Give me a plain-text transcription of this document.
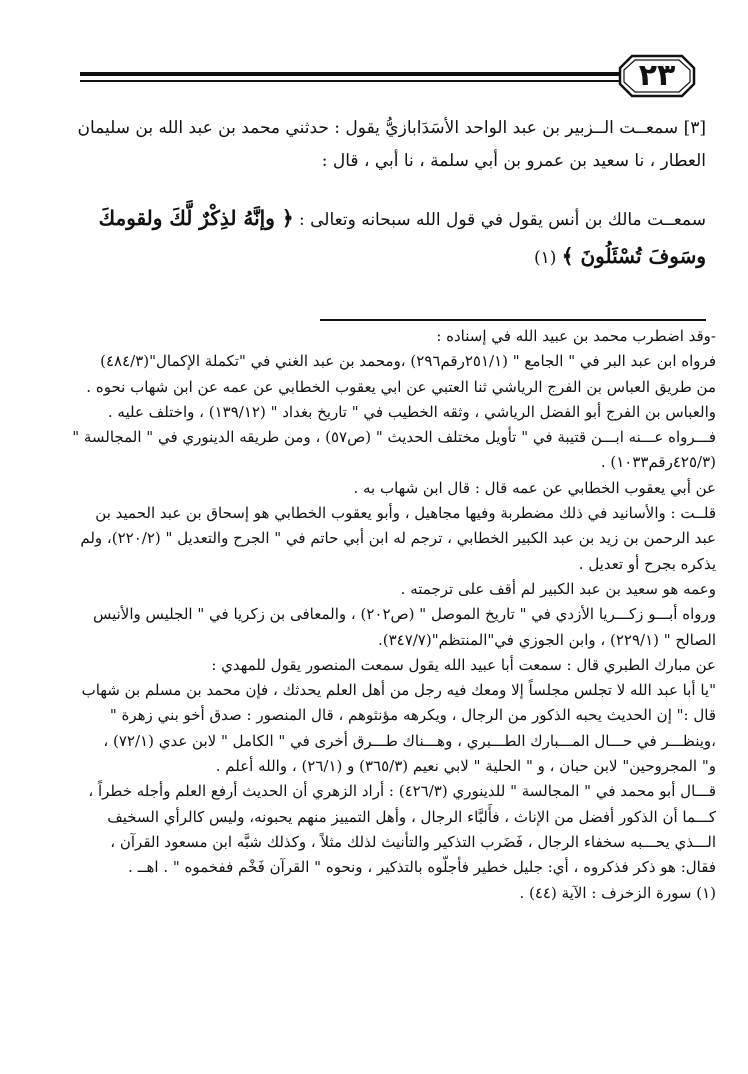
٢٣
[٣] سمعــت الــزبير بن عبد الواحد الأسَدَابازيُّ يقول : حدثني محمد بن عبد الله بن سليمان العطار ، نا سعيد بن عمرو بن أبي سلمة ، نا أبي ، قال :
سمعــت مالك بن أنس يقول في قول الله سبحانه وتعالى : ﴿ وإنَّهُ لذِكْرٌ لَّكَ ولقومكَ وسَوفَ تُسْئَلُونَ ﴾ (١)

-وقد اضطرب محمد بن عبيد الله في إسناده :

فرواه ابن عبد البر في " الجامع " (٢٥١/١رقم٢٩٦) ،ومحمد بن عبد الغني في "تكملة الإكمال"(٤٨٤/٣)

من طريق العباس بن الفرج الرياشي ثنا العتبي عن ابي يعقوب الخطابي عن عمه عن ابن شهاب نحوه .

والعباس بن الفرج أبو الفضل الرياشي ، وثقه الخطيب في " تاريخ بغداد " (١٣٩/١٢) ، واختلف عليه .

فـــرواه عـــنه ابـــن قتيبة في " تأويل مختلف الحديث " (ص٥٧) ، ومن طريقه الدينوري في " المجالسة "

(٤٢٥/٣رقم١٠٣٣) .

عن أبي يعقوب الخطابي عن عمه قال : قال ابن شهاب به .

قلــت : والأسانيد في ذلك مضطربة وفيها مجاهيل ، وأبو يعقوب الخطابي هو إسحاق بن عبد الحميد بن

عبد الرحمن بن زيد بن عبد الكبير الخطابي ، ترجم له ابن أبي حاتم في " الجرح والتعديل " (٢٢٠/٢)، ولم

يذكره بجرح أو تعديل .

وعمه هو سعيد بن عبد الكبير لم أقف على ترجمته .

ورواه أبـــو زكـــريا الأزدي في " تاريخ الموصل " (ص٢٠٢) ، والمعافى بن زكريا في " الجليس والأنيس

الصالح " (٢٢٩/١) ، وابن الجوزي في"المنتظم"(٣٤٧/٧).

عن مبارك الطبري قال : سمعت أبا عبيد الله يقول سمعت المنصور يقول للمهدي :

"يا أبا عبد الله لا تجلس مجلساً إلا ومعك فيه رجل من أهل العلم يحدثك ، فإن محمد بن مسلم بن شهاب

قال :" إن الحديث يحبه الذكور من الرجال ، ويكرهه مؤنثوهم ، قال المنصور : صدق أخو بني زهرة "

،وينظـــر في حـــال المـــبارك الطـــبري ، وهـــناك طـــرق أخرى في " الكامل " لابن عدي (٧٢/١) ،

و" المجروحين" لابن حبان ، و " الحلية " لابي نعيم (٣٦٥/٣) و (٢٦/١) ، والله أعلم .

قـــال أبو محمد في " المجالسة " للدينوري (٤٢٦/٣) : أراد الزهري أن الحديث أرفع العلم وأجله خطراً ،

كـــما أن الذكور أفضل من الإناث ، فأَلبَّاء الرجال ، وأهل التمييز منهم يحبونه، وليس كالرأي السخيف

الـــذي يحـــبه سخفاء الرجال ، فَضَرب التذكير والتأنيث لذلك مثلاً ، وكذلك شبَّه ابن مسعود القرآن ،

فقال: هو ذكر فذكروه ، أي: جليل خطير فأجلّوه بالتذكير ، ونحوه " القرآن فَخْم ففخموه " . اهــ .

(١) سورة الزخرف : الآية (٤٤) .
